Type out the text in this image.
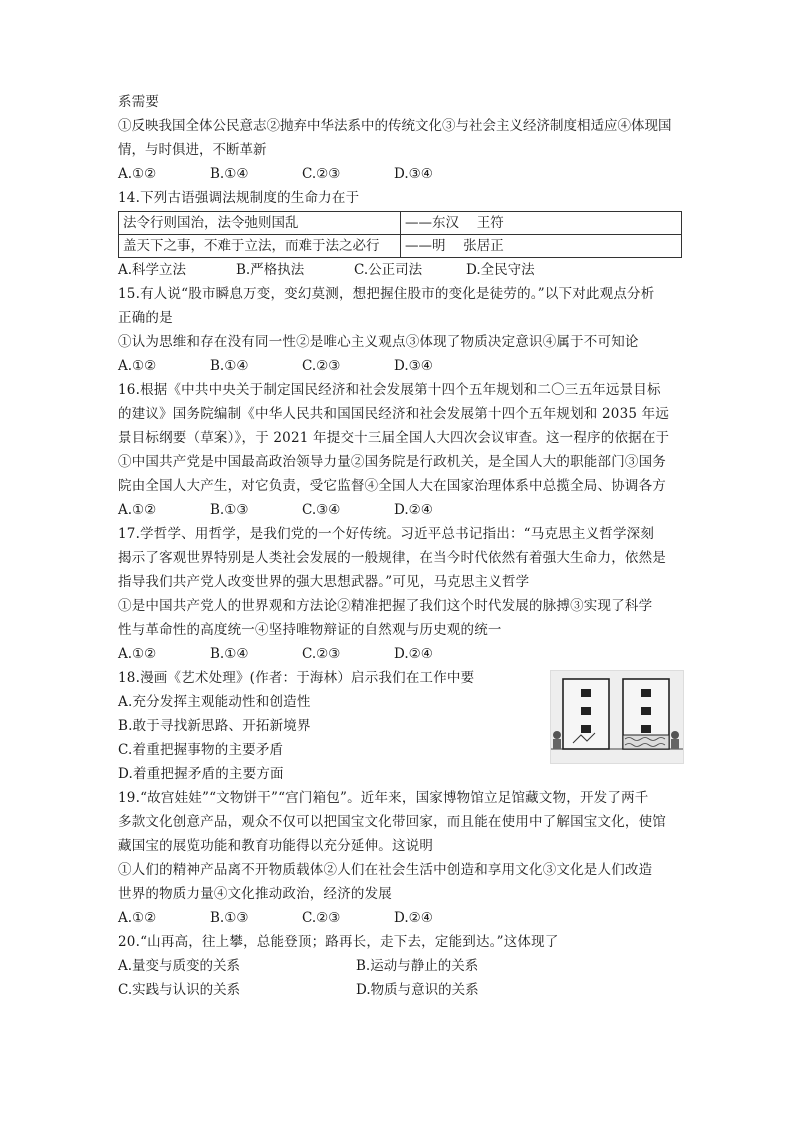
系需要
①反映我国全体公民意志②抛弃中华法系中的传统文化③与社会主义经济制度相适应④体现国情，与时俱进，不断革新
A.①②	B.①④	C.②③	D.③④
14.下列古语强调法规制度的生命力在于
法令行则国治，法令弛则国乱	——东汉　 王符
盖天下之事，不难于立法，而难于法之必行	——明　 张居正
A.科学立法	B.严格执法	C.公正司法	D.全民守法
15.有人说“股市瞬息万变，变幻莫测，想把握住股市的变化是徒劳的。”以下对此观点分析
正确的是
①认为思维和存在没有同一性②是唯心主义观点③体现了物质决定意识④属于不可知论
A.①②	B.①④	C.②③	D.③④
16.根据《中共中央关于制定国民经济和社会发展第十四个五年规划和二〇三五年远景目标
的建议》国务院编制《中华人民共和国国民经济和社会发展第十四个五年规划和 2035 年远
景目标纲要（草案）》，于 2021 年提交十三届全国人大四次会议审查。这一程序的依据在于
①中国共产党是中国最高政治领导力量②国务院是行政机关，是全国人大的职能部门③国务
院由全国人大产生，对它负责，受它监督④全国人大在国家治理体系中总揽全局、协调各方
A.①②	B.①③	C.③④	D.②④
17.学哲学、用哲学，是我们党的一个好传统。习近平总书记指出：“马克思主义哲学深刻
揭示了客观世界特别是人类社会发展的一般规律，在当今时代依然有着强大生命力，依然是
指导我们共产党人改变世界的强大思想武器。”可见，马克思主义哲学
①是中国共产党人的世界观和方法论②精准把握了我们这个时代发展的脉搏③实现了科学
性与革命性的高度统一④坚持唯物辩证的自然观与历史观的统一
A.①②	B.①④	C.②③	D.②④
18.漫画《艺术处理》(作者：于海林）启示我们在工作中要
A.充分发挥主观能动性和创造性
B.敢于寻找新思路、开拓新境界
C.着重把握事物的主要矛盾
D.着重把握矛盾的主要方面
19.“故宫娃娃”“文物饼干”“宫门箱包”。近年来，国家博物馆立足馆藏文物，开发了两千
多款文化创意产品，观众不仅可以把国宝文化带回家，而且能在使用中了解国宝文化，使馆
藏国宝的展览功能和教育功能得以充分延伸。这说明
①人们的精神产品离不开物质载体②人们在社会生活中创造和享用文化③文化是人们改造
世界的物质力量④文化推动政治，经济的发展
A.①②	B.①③	C.②③	D.②④
20.“山再高，往上攀，总能登顶；路再长，走下去，定能到达。”这体现了
A.量变与质变的关系	B.运动与静止的关系
C.实践与认识的关系	D.物质与意识的关系
